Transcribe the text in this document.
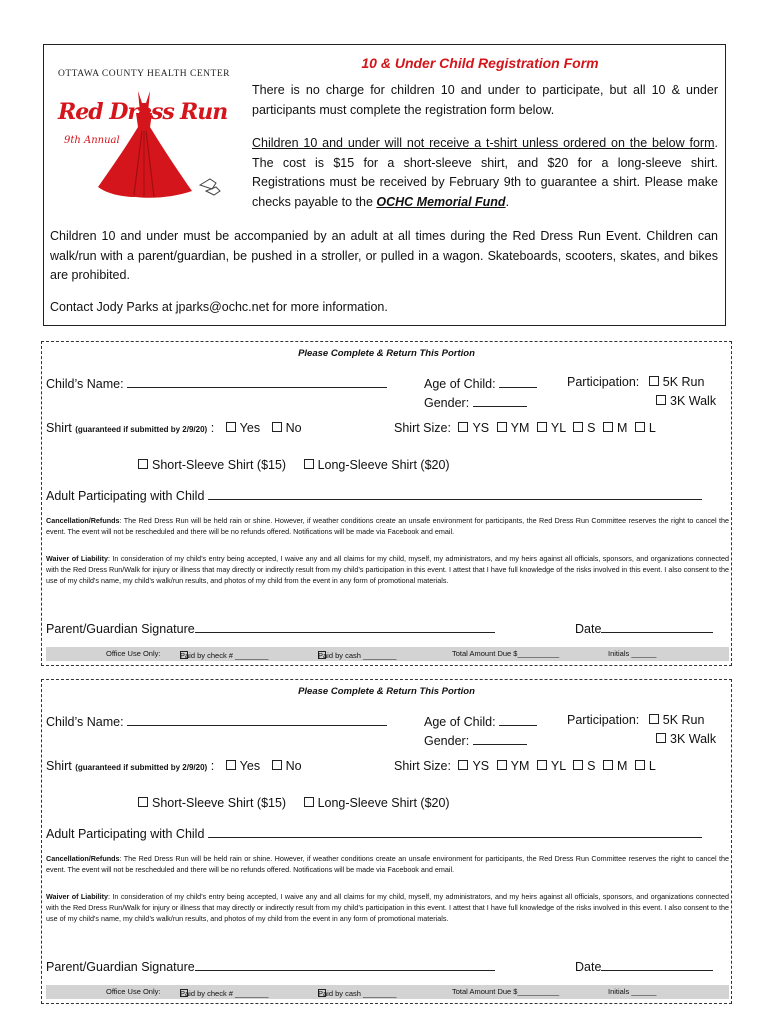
OTTAWA COUNTY HEALTH CENTER
Red Dress Run
9th Annual
10 & Under Child Registration Form
There is no charge for children 10 and under to participate, but all 10 & under participants must complete the registration form below.
Children 10 and under will not receive a t-shirt unless ordered on the below form. The cost is $15 for a short-sleeve shirt, and $20 for a long-sleeve shirt. Registrations must be received by February 9th to guarantee a shirt. Please make checks payable to the OCHC Memorial Fund.
Children 10 and under must be accompanied by an adult at all times during the Red Dress Run Event. Children can walk/run with a parent/guardian, be pushed in a stroller, or pulled in a wagon. Skateboards, scooters, skates, and bikes are prohibited.
Contact Jody Parks at jparks@ochc.net for more information.
Please Complete & Return This Portion
Child’s Name:	Age of Child:
Gender:
Participation: 5K Run
3K Walk
Shirt (guaranteed if submitted by 2/9/20) : Yes No	Shirt Size: YS YM YL S M L
Short-Sleeve Shirt ($15)	Long-Sleeve Shirt ($20)
Adult Participating with Child
Cancellation/Refunds: The Red Dress Run will be held rain or shine. However, if weather conditions create an unsafe environment for participants, the Red Dress Run Committee reserves the right to cancel the event. The event will not be rescheduled and there will be no refunds offered. Notifications will be made via Facebook and email.
Waiver of Liability: In consideration of my child’s entry being accepted, I waive any and all claims for my child, myself, my administrators, and my heirs against all officials, sponsors, and organizations connected with the Red Dress Run/Walk for injury or illness that may directly or indirectly result from my child’s participation in this event. I attest that I have full knowledge of the risks involved in this event. I also consent to the use of my child’s name, my child’s walk/run results, and photos of my child from the event in any form of promotional materials.
Parent/Guardian Signature	Date
Office Use Only:	Paid by check # ________	Paid by cash ________	Total Amount Due $__________	Initials ______
Please Complete & Return This Portion
Child’s Name:	Age of Child:
Gender:
Participation: 5K Run
3K Walk
Shirt (guaranteed if submitted by 2/9/20) : Yes No	Shirt Size: YS YM YL S M L
Short-Sleeve Shirt ($15)	Long-Sleeve Shirt ($20)
Adult Participating with Child
Cancellation/Refunds: The Red Dress Run will be held rain or shine. However, if weather conditions create an unsafe environment for participants, the Red Dress Run Committee reserves the right to cancel the event. The event will not be rescheduled and there will be no refunds offered. Notifications will be made via Facebook and email.
Waiver of Liability: In consideration of my child’s entry being accepted, I waive any and all claims for my child, myself, my administrators, and my heirs against all officials, sponsors, and organizations connected with the Red Dress Run/Walk for injury or illness that may directly or indirectly result from my child’s participation in this event. I attest that I have full knowledge of the risks involved in this event. I also consent to the use of my child’s name, my child’s walk/run results, and photos of my child from the event in any form of promotional materials.
Parent/Guardian Signature	Date
Office Use Only:	Paid by check # ________	Paid by cash ________	Total Amount Due $__________	Initials ______
